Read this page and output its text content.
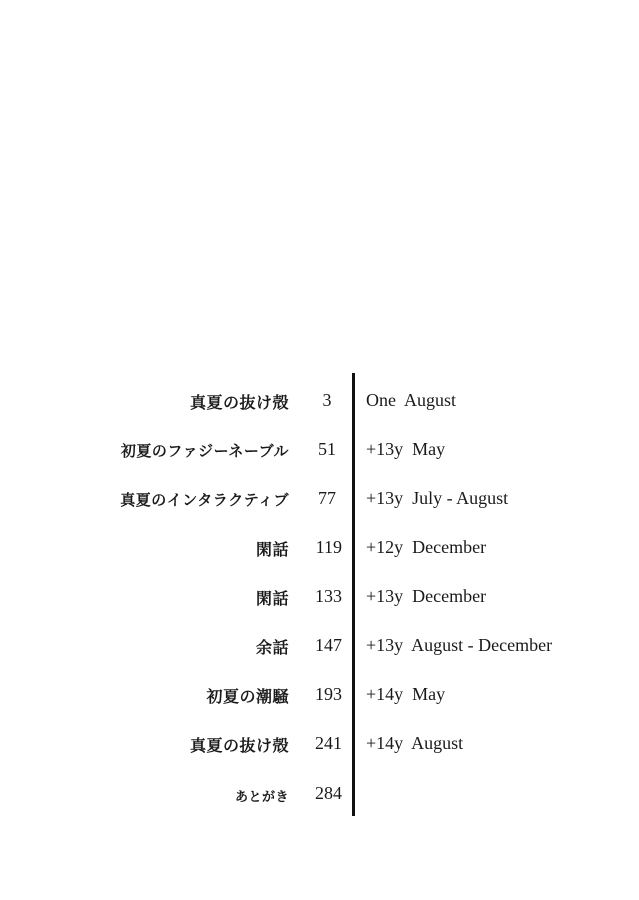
真夏の抜け殻	3	One  August
初夏のファジーネーブル 51 +13y  May
真夏のインタラクティブ 77 +13y  July - August
閑話 119 +12y  December
閑話 133 +13y  December
余話 147 +13y  August - December
初夏の潮騒 193 +14y  May
真夏の抜け殻 241 +14y  August
あとがき 284
